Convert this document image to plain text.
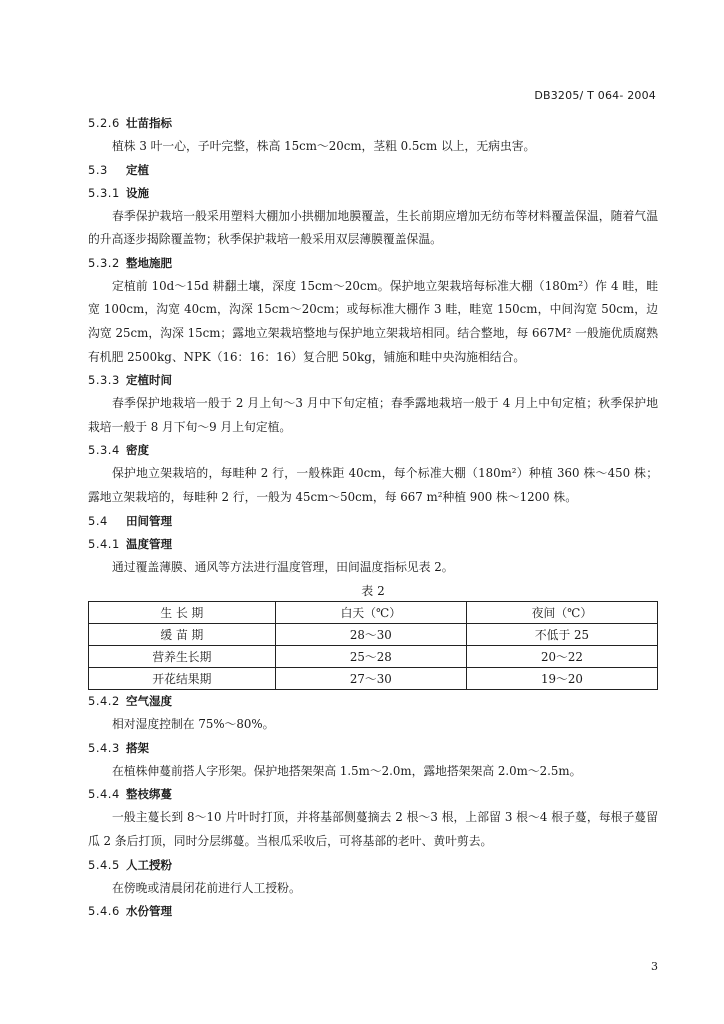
DB3205/ T 064- 2004
5.2.6 壮苗指标
植株 3 叶一心，子叶完整，株高 15cm～20cm，茎粗 0.5cm 以上，无病虫害。
5.3 定植
5.3.1 设施
春季保护栽培一般采用塑料大棚加小拱棚加地膜覆盖，生长前期应增加无纺布等材料覆盖保温，随着气温的升高逐步揭除覆盖物；秋季保护栽培一般采用双层薄膜覆盖保温。
5.3.2 整地施肥
定植前 10d～15d 耕翻土壤，深度 15cm～20cm。保护地立架栽培每标准大棚（180m²）作 4 畦，畦宽 100cm，沟宽 40cm，沟深 15cm～20cm；或每标准大棚作 3 畦，畦宽 150cm，中间沟宽 50cm，边沟宽 25cm，沟深 15cm；露地立架栽培整地与保护地立架栽培相同。结合整地，每 667M² 一般施优质腐熟有机肥 2500kg、NPK（16：16：16）复合肥 50kg，铺施和畦中央沟施相结合。
5.3.3 定植时间
春季保护地栽培一般于 2 月上旬～3 月中下旬定植；春季露地栽培一般于 4 月上中旬定植；秋季保护地栽培一般于 8 月下旬～9 月上旬定植。
5.3.4 密度
保护地立架栽培的，每畦种 2 行，一般株距 40cm，每个标准大棚（180m²）种植 360 株～450 株；露地立架栽培的，每畦种 2 行，一般为 45cm～50cm，每 667 m²种植 900 株～1200 株。
5.4 田间管理
5.4.1 温度管理
通过覆盖薄膜、通风等方法进行温度管理，田间温度指标见表 2。
表 2
生 长 期	白天（℃）	夜间（℃）
缓 苗 期	28～30	不低于 25
营养生长期	25～28	20～22
开花结果期	27～30	19～20
5.4.2 空气湿度
相对湿度控制在 75%～80%。
5.4.3 搭架
在植株伸蔓前搭人字形架。保护地搭架架高 1.5m～2.0m，露地搭架架高 2.0m～2.5m。
5.4.4 整枝绑蔓
一般主蔓长到 8～10 片叶时打顶，并将基部侧蔓摘去 2 根～3 根，上部留 3 根～4 根子蔓，每根子蔓留瓜 2 条后打顶，同时分层绑蔓。当根瓜采收后，可将基部的老叶、黄叶剪去。
5.4.5 人工授粉
在傍晚或清晨闭花前进行人工授粉。
5.4.6 水份管理
3
